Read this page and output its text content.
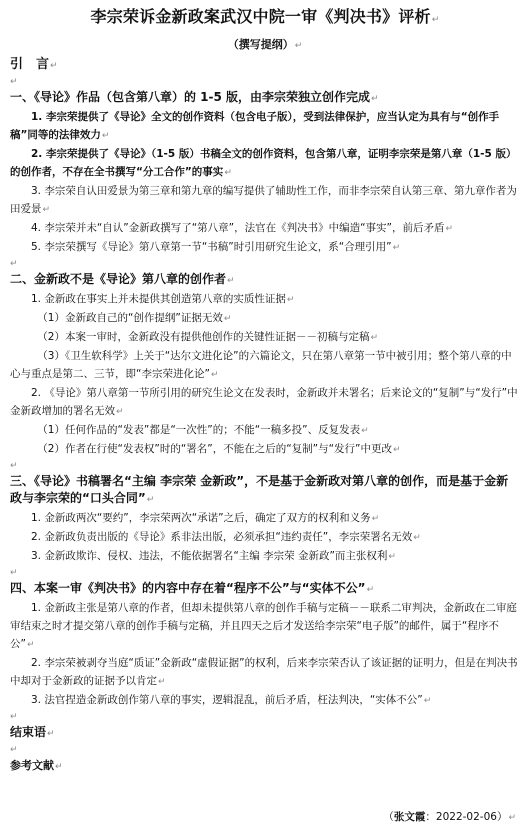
李宗荣诉金新政案武汉中院一审《判决书》评析↵
（撰写提纲）↵
引　言↵
↵
一、《导论》作品（包含第八章）的 1-5 版，由李宗荣独立创作完成↵
1. 李宗荣提供了《导论》全文的创作资料（包含电子版），受到法律保护，应当认定为具有与“创作手稿”同等的法律效力↵
2. 李宗荣提供了《导论》（1-5 版）书稿全文的创作资料，包含第八章，证明李宗荣是第八章（1-5 版）的创作者，不存在全书撰写“分工合作”的事实↵
3. 李宗荣自认田爱景为第三章和第九章的编写提供了辅助性工作，而非李宗荣自认第三章、第九章作者为田爱景↵
4. 李宗荣并未“自认”金新政撰写了“第八章”，法官在《判决书》中编造“事实”，前后矛盾↵
5. 李宗荣撰写《导论》第八章第一节“书稿”时引用研究生论文，系“合理引用”↵
↵
二、金新政不是《导论》第八章的创作者↵
1. 金新政在事实上并未提供其创造第八章的实质性证据↵
（1）金新政自己的“创作提纲”证据无效↵
（2）本案一审时，金新政没有提供他创作的关键性证据－－初稿与定稿↵
（3）《卫生软科学》上关于“达尔文进化论”的六篇论文，只在第八章第一节中被引用；整个第八章的中心与重点是第二、三节，即“李宗荣进化论”↵
2. 《导论》第八章第一节所引用的研究生论文在发表时，金新政并未署名；后来论文的“复制”与“发行”中金新政增加的署名无效↵
（1）任何作品的“发表”都是“一次性”的；不能“一稿多投”、反复发表↵
（2）作者在行使“发表权”时的“署名”，不能在之后的“复制”与“发行”中更改↵
↵
三、《导论》书稿署名“主编 李宗荣 金新政”，不是基于金新政对第八章的创作，而是基于金新政与李宗荣的“口头合同”↵
1. 金新政两次“要约”，李宗荣两次“承诺”之后，确定了双方的权利和义务↵
2. 金新政负责出版的《导论》系非法出版，必须承担“违约责任”，李宗荣署名无效↵
3. 金新政欺诈、侵权、违法，不能依据署名“主编 李宗荣 金新政”而主张权利↵
↵
四、本案一审《判决书》的内容中存在着“程序不公”与“实体不公”↵
1. 金新政主张是第八章的作者，但却未提供第八章的创作手稿与定稿－－联系二审判决，金新政在二审庭审结束之时才提交第八章的创作手稿与定稿，并且四天之后才发送给李宗荣“电子版”的邮件，属于“程序不公”↵
2. 李宗荣被剥夺当庭“质证”金新政“虚假证据”的权利，后来李宗荣否认了该证据的证明力，但是在判决书中却对于金新政的证据予以肯定↵
3. 法官捏造金新政创作第八章的事实，逻辑混乱，前后矛盾，枉法判决，“实体不公”↵
↵
结束语↵
↵
参考文献↵
（张文霞：2022-02-06）↵
